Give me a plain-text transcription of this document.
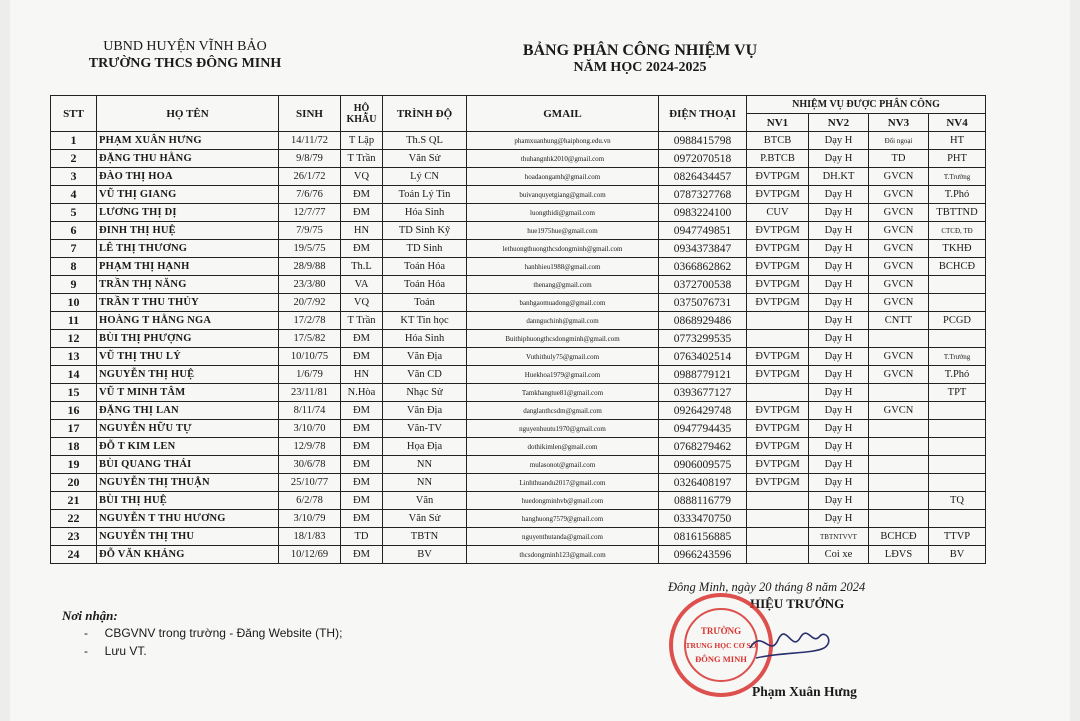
UBND HUYỆN VĨNH BẢO
TRƯỜNG THCS ĐÔNG MINH
BẢNG PHÂN CÔNG NHIỆM VỤ
NĂM HỌC 2024-2025
STT	HỌ TÊN	SINH	HỘ KHẨU	TRÌNH ĐỘ	GMAIL	ĐIỆN THOẠI	NHIỆM VỤ ĐƯỢC PHÂN CÔNG			
							NV1	NV2	NV3	NV4
1	PHẠM XUÂN HƯNG	14/11/72	T Lập	Th.S QL	phamxuanhung@haiphong.edu.vn	0988415798	BTCB	Dạy H	Đối ngoại	HT
2	ĐẶNG THU HẰNG	9/8/79	T Trần	Văn Sử	thuhangnhk2010@gmail.com	0972070518	P.BTCB	Dạy H	TD	PHT
3	ĐÀO THỊ HOA	26/1/72	VQ	Lý CN	hoadaongamh@gmail.com	0826434457	ĐVTPGM	DH.KT	GVCN	T.Trường
4	VŨ THỊ GIANG	7/6/76	ĐM	Toán Lý Tin	buivanquyetgiang@gmail.com	0787327768	ĐVTPGM	Dạy H	GVCN	T.Phó
5	LƯƠNG THỊ DỊ	12/7/77	ĐM	Hóa Sinh	luongthidi@gmail.com	0983224100	CUV	Dạy H	GVCN	TBTTND
6	ĐINH THỊ HUỆ	7/9/75	HN	TD Sinh Kỹ	hue1975hue@gmail.com	0947749851	ĐVTPGM	Dạy H	GVCN	CTCĐ, TĐ
7	LÊ THỊ THƯƠNG	19/5/75	ĐM	TD Sinh	lethuongthuongthcsdongminh@gmail.com	0934373847	ĐVTPGM	Dạy H	GVCN	TKHĐ
8	PHẠM THỊ HẠNH	28/9/88	Th.L	Toán Hóa	hanhhieu1988@gmail.com	0366862862	ĐVTPGM	Dạy H	GVCN	BCHCĐ
9	TRẦN THỊ NĂNG	23/3/80	VA	Toán Hóa	thenang@gmail.com	0372700538	ĐVTPGM	Dạy H	GVCN	
10	TRẦN T THU THỦY	20/7/92	VQ	Toán	banhgaomuadong@gmail.com	0375076731	ĐVTPGM	Dạy H	GVCN	
11	HOÀNG T HẰNG NGA	17/2/78	T Trần	KT Tin học	dannguchinh@gmail.com	0868929486		Dạy H	CNTT	PCGD
12	BÙI THỊ PHƯỢNG	17/5/82	ĐM	Hóa Sinh	Buithiphuongthcsdongminh@gmail.com	0773299535		Dạy H		
13	VŨ THỊ THU LÝ	10/10/75	ĐM	Văn Địa	Vuthithuly75@gmail.com	0763402514	ĐVTPGM	Dạy H	GVCN	T.Trưởng
14	NGUYỄN THỊ HUỆ	1/6/79	HN	Văn CD	Huekhoa1979@gmail.com	0988779121	ĐVTPGM	Dạy H	GVCN	T.Phó
15	VŨ T MINH TÂM	23/11/81	N.Hòa	Nhạc Sử	Tamkhangtue81@gmail.com	0393677127		Dạy H		TPT
16	ĐẶNG THỊ LAN	8/11/74	ĐM	Văn Địa	danglanthcsdm@gmail.com	0926429748	ĐVTPGM	Dạy H	GVCN	
17	NGUYỄN HỮU TỰ	3/10/70	ĐM	Văn-TV	nguyenhuutu1970@gmail.com	0947794435	ĐVTPGM	Dạy H		
18	ĐỖ T KIM LEN	12/9/78	ĐM	Họa Địa	dothikimlen@gmail.com	0768279462	ĐVTPGM	Dạy H		
19	BÙI QUANG THÁI	30/6/78	ĐM	NN	mulasonot@gmail.com	0906009575	ĐVTPGM	Dạy H		
20	NGUYỄN THỊ THUẬN	25/10/77	ĐM	NN	Linhthuandu2017@gmail.com	0326408197	ĐVTPGM	Dạy H		
21	BÙI THỊ HUỆ	6/2/78	ĐM	Văn	huedongminhvb@gmail.com	0888116779		Dạy H		TQ
22	NGUYỄN T THU HƯƠNG	3/10/79	ĐM	Văn Sử	hanghuong7579@gmail.com	0333470750		Dạy H		
23	NGUYỄN THỊ THU	18/1/83	TD	TBTN	nguyenthutanda@gmail.com	0816156885		TBTNTVVT	BCHCĐ	TTVP
24	ĐỖ VĂN KHẢNG	10/12/69	ĐM	BV	thcsdongminh123@gmail.com	0966243596		Coi xe	LĐVS	BV
Nơi nhận:
-     CBGVNV trong trường - Đăng Website (TH);
-     Lưu VT.
Đông Minh, ngày 20 tháng 8 năm 2024
HIỆU TRƯỞNG
TRƯỜNG
TRUNG HỌC CƠ SỞ
ĐÔNG MINH
Phạm Xuân Hưng
